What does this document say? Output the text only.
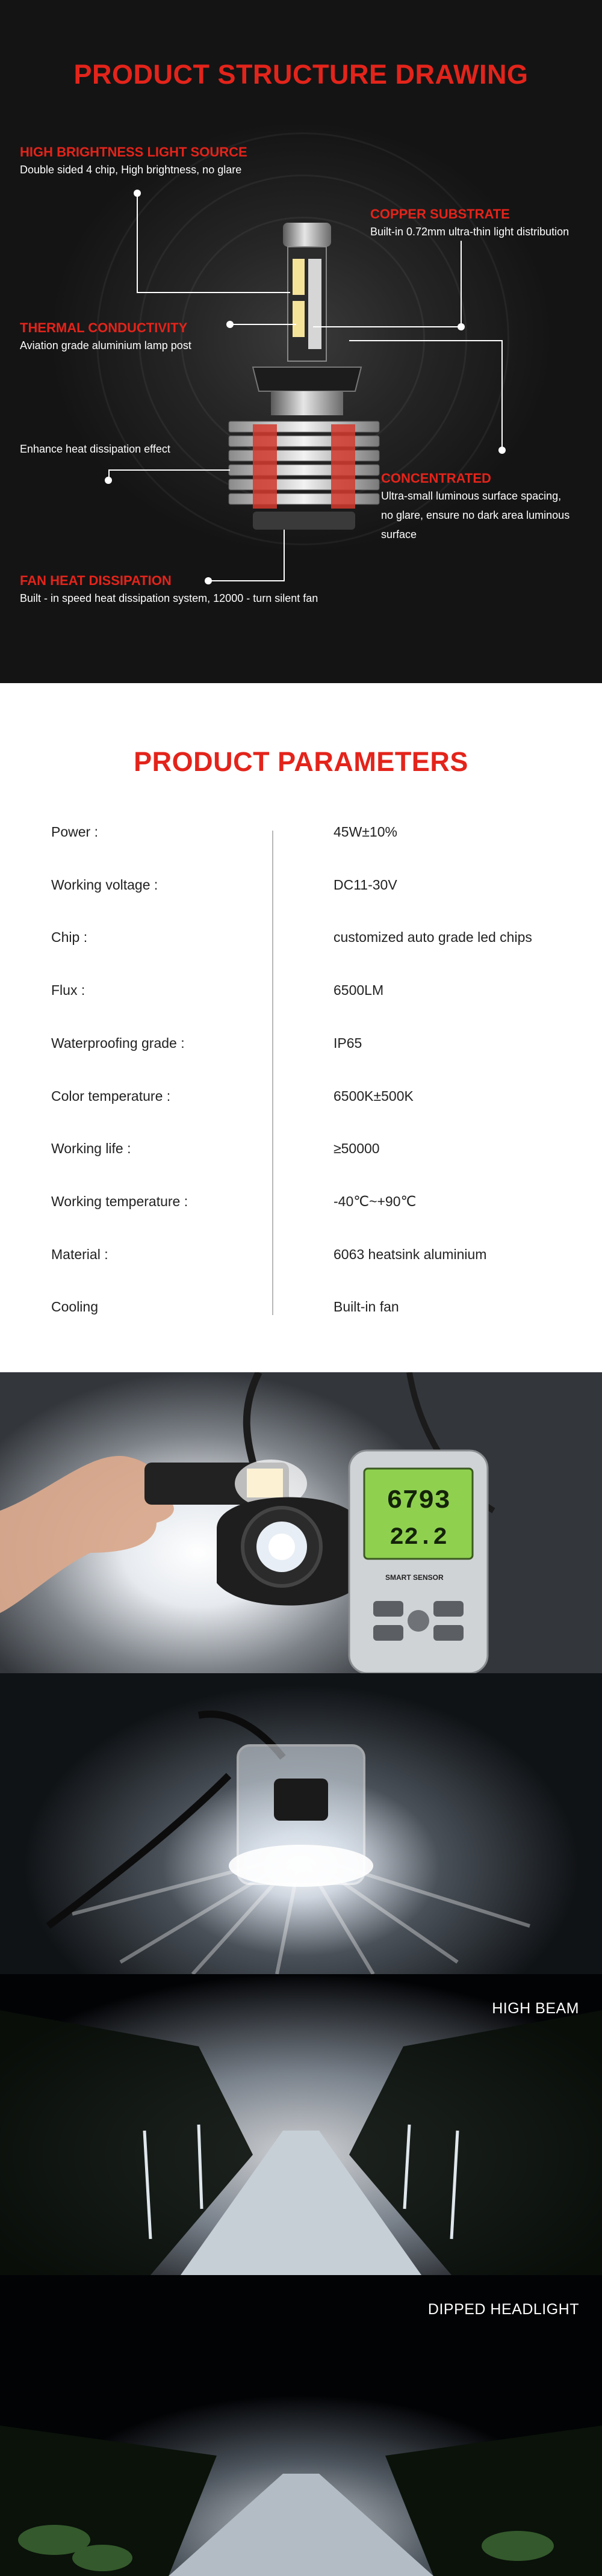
PRODUCT STRUCTURE DRAWING
HIGH BRIGHTNESS LIGHT SOURCE
Double sided 4 chip, High brightness, no glare
COPPER SUBSTRATE
Built-in 0.72mm ultra-thin light distribution
THERMAL CONDUCTIVITY
Aviation grade aluminium lamp post
Enhance heat dissipation effect
CONCENTRATED
Ultra-small luminous surface spacing,
no glare, ensure no dark area luminous
surface
FAN HEAT DISSIPATION
Built - in speed heat dissipation system, 12000 - turn silent fan
PRODUCT PARAMETERS
Power :	45W±10%
Working voltage :	DC11-30V
Chip :	customized auto grade led chips
Flux :	6500LM
Waterproofing grade :	IP65
Color temperature :	6500K±500K
Working life :	≥50000
Working temperature :	-40℃~+90℃
Material :	6063 heatsink aluminium
Cooling	Built-in fan
6793
22.2
SMART SENSOR
HIGH BEAM
DIPPED HEADLIGHT
